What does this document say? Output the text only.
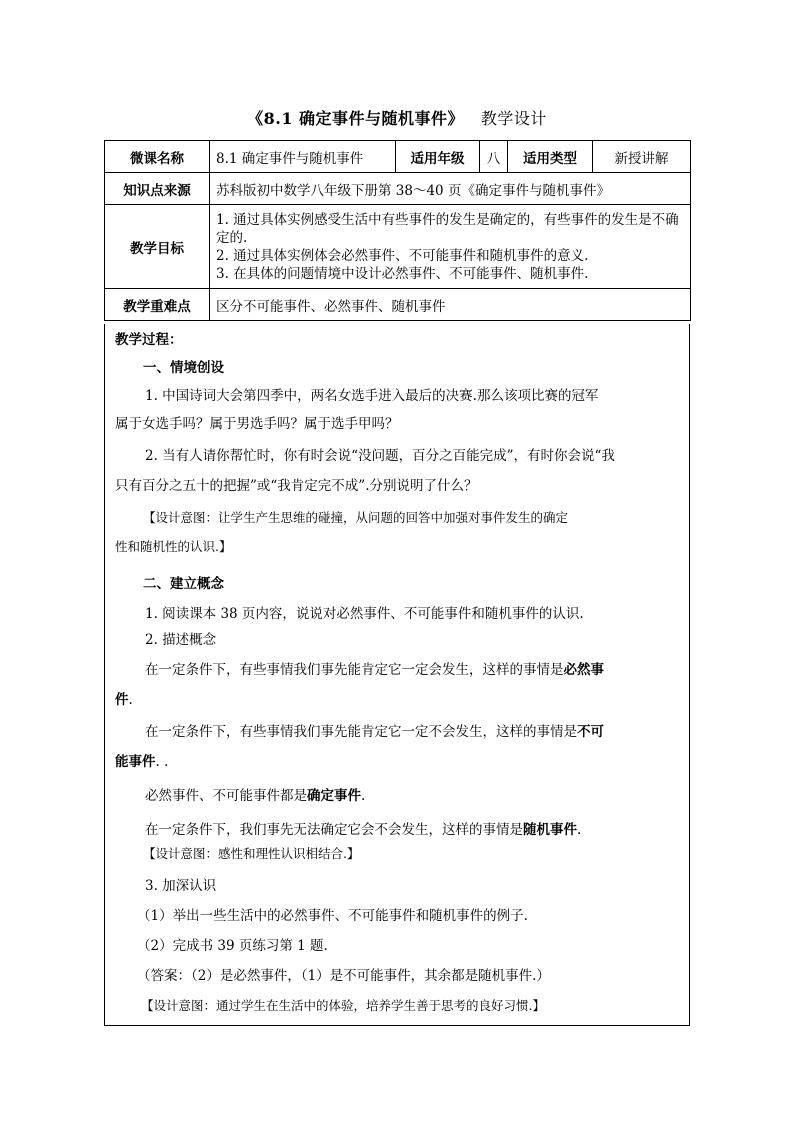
《8.1 确定事件与随机事件》 教学设计
微课名称	8.1 确定事件与随机事件	适用年级	八	适用类型	新授讲解
知识点来源	苏科版初中数学八年级下册第 38～40 页《确定事件与随机事件》				
教学目标	1. 通过具体实例感受生活中有些事件的发生是确定的，有些事件的发生是不确定的.
2. 通过具体实例体会必然事件、不可能事件和随机事件的意义.
3. 在具体的问题情境中设计必然事件、不可能事件、随机事件.				

教学重难点	区分不可能事件、必然事件、随机事件				
教学过程：
一、情境创设
1. 中国诗词大会第四季中，两名女选手进入最后的决赛.那么该项比赛的冠军
属于女选手吗？属于男选手吗？属于选手甲吗？
2. 当有人请你帮忙时，你有时会说“没问题，百分之百能完成”，有时你会说“我
只有百分之五十的把握”或“我肯定完不成”.分别说明了什么？
【设计意图：让学生产生思维的碰撞，从问题的回答中加强对事件发生的确定
性和随机性的认识.】
二、建立概念
1. 阅读课本 38 页内容，说说对必然事件、不可能事件和随机事件的认识.
2. 描述概念
在一定条件下，有些事情我们事先能肯定它一定会发生，这样的事情是必然事
件.
在一定条件下，有些事情我们事先能肯定它一定不会发生，这样的事情是不可
能事件. .
必然事件、不可能事件都是确定事件.
在一定条件下，我们事先无法确定它会不会发生，这样的事情是随机事件.
【设计意图：感性和理性认识相结合.】
3. 加深认识
（1）举出一些生活中的必然事件、不可能事件和随机事件的例子.
（2）完成书 39 页练习第 1 题.
（答案：（2）是必然事件，（1）是不可能事件，其余都是随机事件.）
【设计意图：通过学生在生活中的体验，培养学生善于思考的良好习惯.】
